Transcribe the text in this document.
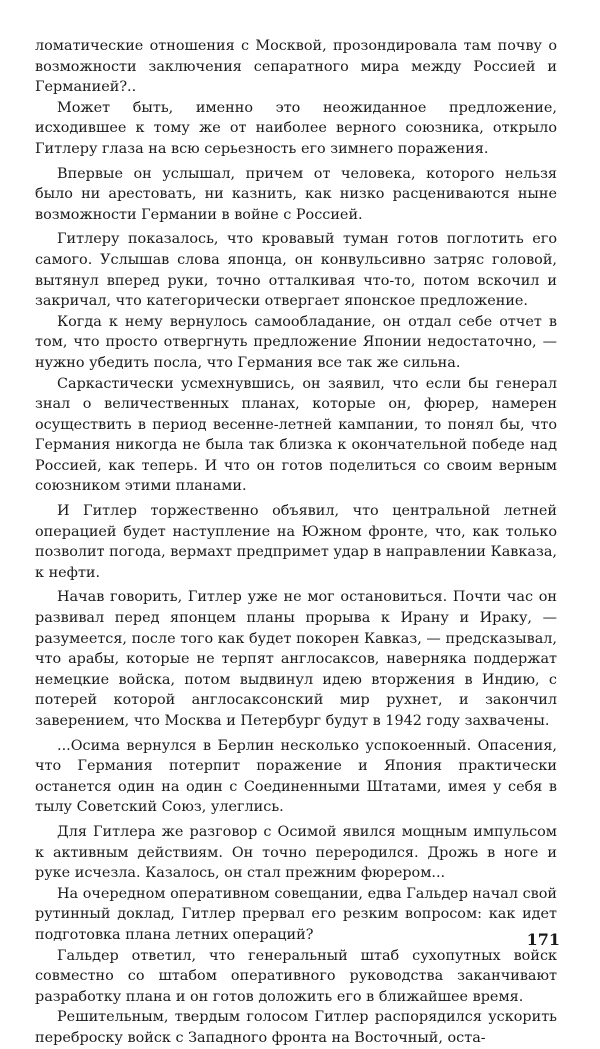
ломатические отношения с Москвой, прозондировала там почву о возможности заключения сепаратного мира между Россией и Германией?..

Может быть, именно это неожиданное предложение, исходившее к тому же от наиболее верного союзника, открыло Гитлеру глаза на всю серьезность его зимнего поражения.

Впервые он услышал, причем от человека, которого нельзя было ни арестовать, ни казнить, как низко расцениваются ныне возможности Германии в войне с Россией.

Гитлеру показалось, что кровавый туман готов поглотить его самого. Услышав слова японца, он конвульсивно затряс головой, вытянул вперед руки, точно отталкивая что-то, потом вскочил и закричал, что категорически отвергает японское предложение.

Когда к нему вернулось самообладание, он отдал себе отчет в том, что просто отвергнуть предложение Японии недостаточно, — нужно убедить посла, что Германия все так же сильна.

Саркастически усмехнувшись, он заявил, что если бы генерал знал о величественных планах, которые он, фюрер, намерен осуществить в период весенне-летней кампании, то понял бы, что Германия никогда не была так близка к окончательной победе над Россией, как теперь. И что он готов поделиться со своим верным союзником этими планами.

И Гитлер торжественно объявил, что центральной летней операцией будет наступление на Южном фронте, что, как только позволит погода, вермахт предпримет удар в направлении Кавказа, к нефти.

Начав говорить, Гитлер уже не мог остановиться. Почти час он развивал перед японцем планы прорыва к Ирану и Ираку, — разумеется, после того как будет покорен Кавказ, — предсказывал, что арабы, которые не терпят англосаксов, наверняка поддержат немецкие войска, потом выдвинул идею вторжения в Индию, с потерей которой англосаксонский мир рухнет, и закончил заверением, что Москва и Петербург будут в 1942 году захвачены.

...Осима вернулся в Берлин несколько успокоенный. Опасения, что Германия потерпит поражение и Япония практически останется один на один с Соединенными Штатами, имея у себя в тылу Советский Союз, улеглись.

Для Гитлера же разговор с Осимой явился мощным импульсом к активным действиям. Он точно переродился. Дрожь в ноге и руке исчезла. Казалось, он стал прежним фюрером...

На очередном оперативном совещании, едва Гальдер начал свой рутинный доклад, Гитлер прервал его резким вопросом: как идет подготовка плана летних операций?

Гальдер ответил, что генеральный штаб сухопутных войск совместно со штабом оперативного руководства заканчивают разработку плана и он готов доложить его в ближайшее время.

Решительным, твердым голосом Гитлер распорядился ускорить переброску войск с Западного фронта на Восточный, оста-

171
